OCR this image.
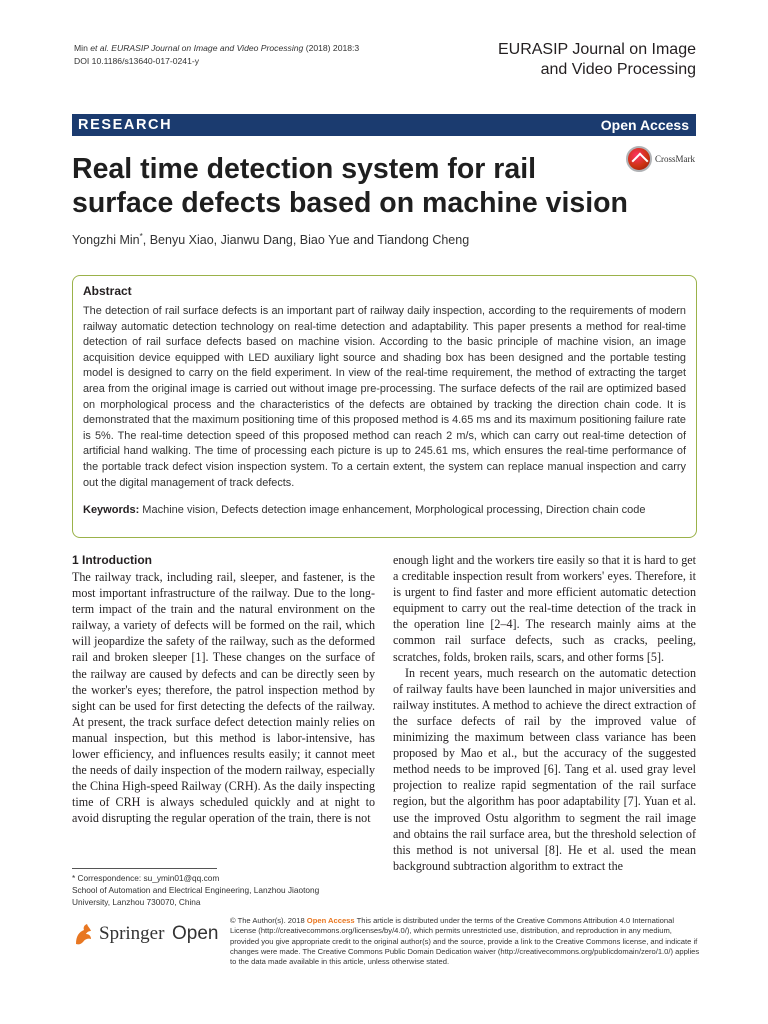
Min et al. EURASIP Journal on Image and Video Processing (2018) 2018:3
DOI 10.1186/s13640-017-0241-y
EURASIP Journal on Image
and Video Processing
RESEARCH	Open Access
Real time detection system for rail surface defects based on machine vision
CrossMark
Yongzhi Min*, Benyu Xiao, Jianwu Dang, Biao Yue and Tiandong Cheng
Abstract
The detection of rail surface defects is an important part of railway daily inspection, according to the requirements of modern railway automatic detection technology on real-time detection and adaptability. This paper presents a method for real-time detection of rail surface defects based on machine vision. According to the basic principle of machine vision, an image acquisition device equipped with LED auxiliary light source and shading box has been designed and the portable testing model is designed to carry on the field experiment. In view of the real-time requirement, the method of extracting the target area from the original image is carried out without image pre-processing. The surface defects of the rail are optimized based on morphological process and the characteristics of the defects are obtained by tracking the direction chain code. It is demonstrated that the maximum positioning time of this proposed method is 4.65 ms and its maximum positioning failure rate is 5%. The real-time detection speed of this proposed method can reach 2 m/s, which can carry out real-time detection of artificial hand walking. The time of processing each picture is up to 245.61 ms, which ensures the real-time performance of the portable track defect vision inspection system. To a certain extent, the system can replace manual inspection and carry out the digital management of track defects.
Keywords: Machine vision, Defects detection image enhancement, Morphological processing, Direction chain code
1 Introduction

The railway track, including rail, sleeper, and fastener, is the most important infrastructure of the railway. Due to the long-term impact of the train and the natural environment on the railway, a variety of defects will be formed on the rail, which will jeopardize the safety of the railway, such as the deformed rail and broken sleeper [1]. These changes on the surface of the railway are caused by defects and can be directly seen by the worker's eyes; therefore, the patrol inspection method by sight can be used for first detecting the defects of the railway. At present, the track surface defect detection mainly relies on manual inspection, but this method is labor-intensive, has lower efficiency, and influences results easily; it cannot meet the needs of daily inspection of the modern railway, especially the China High-speed Railway (CRH). As the daily inspecting time of CRH is always scheduled quickly and at night to avoid disrupting the regular operation of the train, there is not

enough light and the workers tire easily so that it is hard to get a creditable inspection result from workers' eyes. Therefore, it is urgent to find faster and more efficient automatic detection equipment to carry out the real-time detection of the track in the operation line [2–4]. The research mainly aims at the common rail surface defects, such as cracks, peeling, scratches, folds, broken rails, scars, and other forms [5].

In recent years, much research on the automatic detection of railway faults have been launched in major universities and railway institutes. A method to achieve the direct extraction of the surface defects of rail by the improved value of minimizing the maximum between class variance has been proposed by Mao et al., but the accuracy of the suggested method needs to be improved [6]. Tang et al. used gray level projection to realize rapid segmentation of the rail surface region, but the algorithm has poor adaptability [7]. Yuan et al. use the improved Ostu algorithm to segment the rail image and obtains the rail surface area, but the threshold selection of this method is not universal [8]. He et al. used the mean background subtraction algorithm to extract the

* Correspondence: su_ymin01@qq.com
School of Automation and Electrical Engineering, Lanzhou Jiaotong
University, Lanzhou 730070, China
Springer Open
© The Author(s). 2018 Open Access This article is distributed under the terms of the Creative Commons Attribution 4.0 International License (http://creativecommons.org/licenses/by/4.0/), which permits unrestricted use, distribution, and reproduction in any medium, provided you give appropriate credit to the original author(s) and the source, provide a link to the Creative Commons license, and indicate if changes were made. The Creative Commons Public Domain Dedication waiver (http://creativecommons.org/publicdomain/zero/1.0/) applies to the data made available in this article, unless otherwise stated.
